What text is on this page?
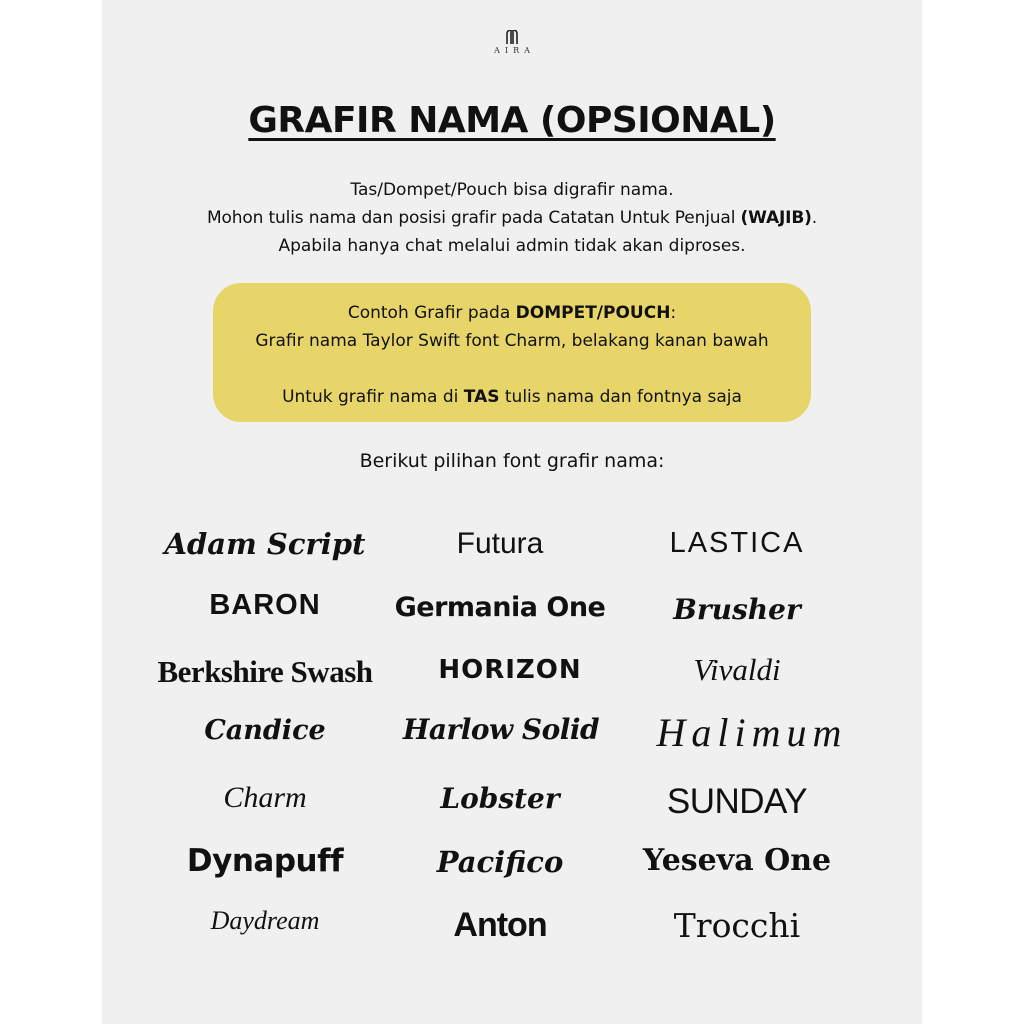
AIRA
GRAFIR NAMA (OPSIONAL)
Tas/Dompet/Pouch bisa digrafir nama.
Mohon tulis nama dan posisi grafir pada Catatan Untuk Penjual (WAJIB).
Apabila hanya chat melalui admin tidak akan diproses.
Contoh Grafir pada DOMPET/POUCH:
Grafir nama Taylor Swift font Charm, belakang kanan bawah
Untuk grafir nama di TAS tulis nama dan fontnya saja
Berikut pilihan font grafir nama:
Adam Script
BARON
Berkshire Swash
Candice
Charm
Dynapuff
Daydream
Futura
Germania One
HORIZON
Harlow Solid
Lobster
Pacifico
Anton
LASTICA
Brusher
Vivaldi
Halimum
SUNDAY
Yeseva One
Trocchi
